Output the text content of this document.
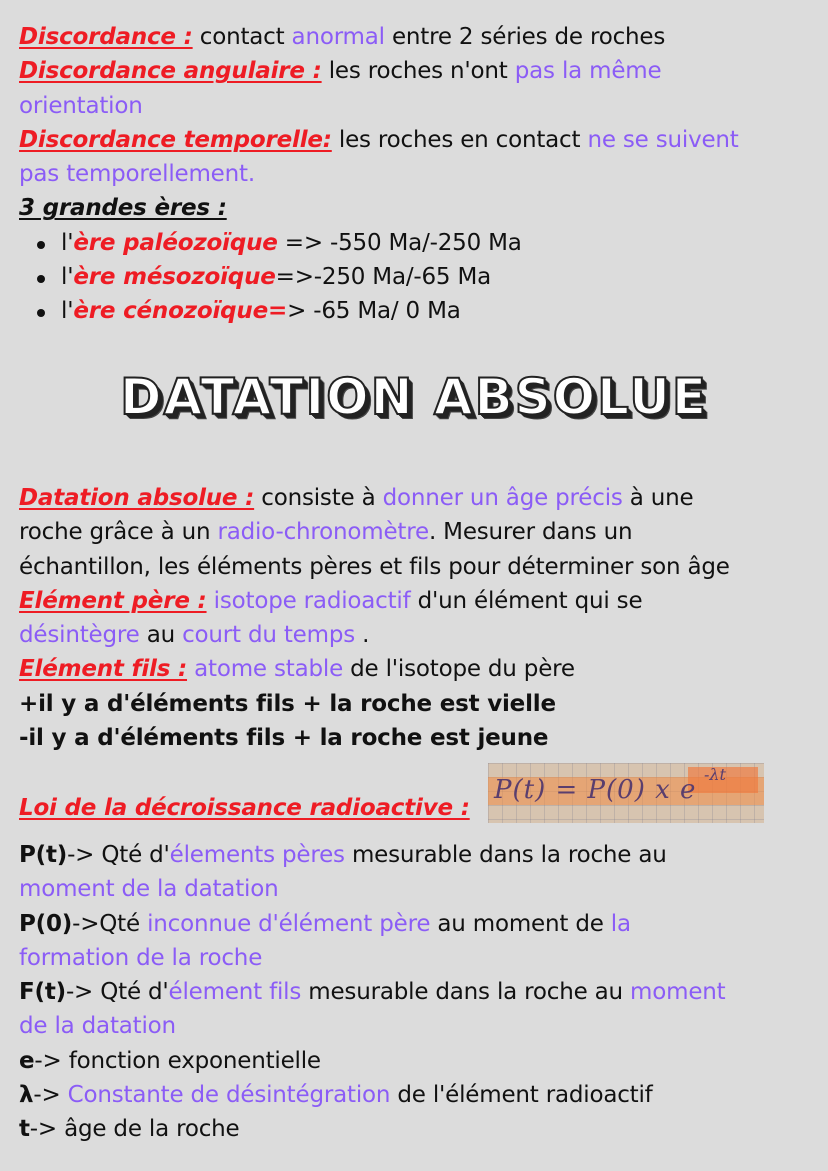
Discordance : contact anormal entre 2 séries de roches
Discordance angulaire : les roches n'ont pas la même
orientation
Discordance temporelle: les roches en contact ne se suivent
pas temporellement.
3 grandes ères :
l'ère paléozoïque => -550 Ma/-250 Ma
l'ère mésozoïque=>-250 Ma/-65 Ma
l'ère cénozoïque=> -65 Ma/ 0 Ma
DATATION ABSOLUE
Datation absolue : consiste à donner un âge précis à une
roche grâce à un radio-chronomètre. Mesurer dans un
échantillon, les éléments pères et fils pour déterminer son âge
Elément père : isotope radioactif d'un élément qui se
désintègre au court du temps .
Elément fils : atome stable de l'isotope du père
+il y a d'éléments fils + la roche est vielle
-il y a d'éléments fils + la roche est jeune
Loi de la décroissance radioactive :
P(t) = P(0) x e
-λt
P(t)-> Qté d'élements pères mesurable dans la roche au
moment de la datation
P(0)->Qté inconnue d'élément père au moment de la
formation de la roche
F(t)-> Qté d'élement fils mesurable dans la roche au moment
de la datation
e-> fonction exponentielle
λ-> Constante de désintégration de l'élément radioactif
t-> âge de la roche
